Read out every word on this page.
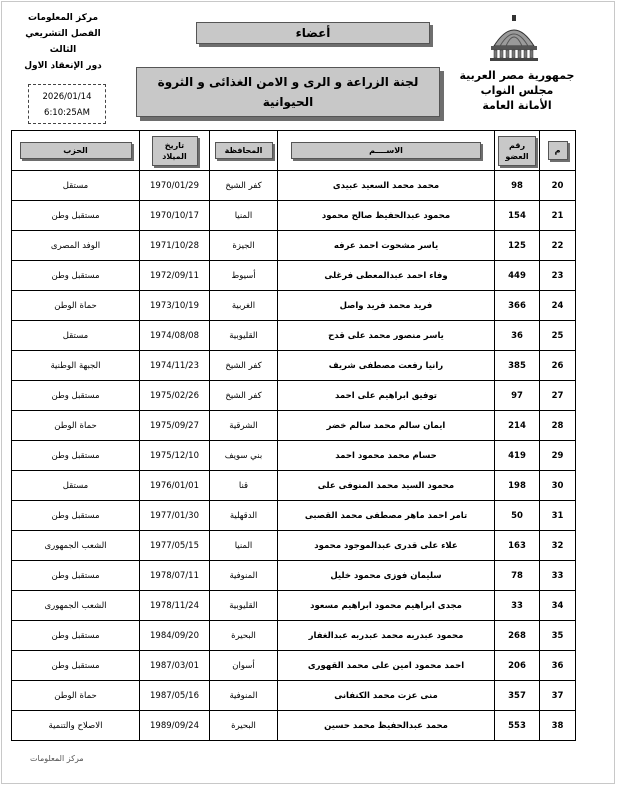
جمهورية مصر العربية
مجلس النواب
الأمانة العامة
مركز المعلومات
الفصل التشريعي الثالث
دور الإنعقاد الاول
2026/01/14
6:10:25AM
أعضاء
لجنة الزراعة و الرى و الامن الغذائى و الثروة الحيوانية
م	رقم العضو	الاســــم	المحافظة	تاريخ الميلاد	الحزب

20	98	محمد محمد السعيد عبيدى	كفر الشيخ	1970/01/29	مستقل
21	154	محمود عبدالحفيظ صالح محمود	المنيا	1970/10/17	مستقبل وطن
22	125	ياسر مشحوت احمد عرفه	الجيزة	1971/10/28	الوفد المصرى
23	449	وفاء احمد عبدالمعطى فرغلى	أسيوط	1972/09/11	مستقبل وطن
24	366	فريد محمد فريد واصل	الغربية	1973/10/19	حماة الوطن
25	36	ياسر منصور محمد على قدح	القليوبية	1974/08/08	مستقل
26	385	رانيا رفعت مصطفى شريف	كفر الشيخ	1974/11/23	الجبهة الوطنية
27	97	توفيق ابراهيم على احمد	كفر الشيخ	1975/02/26	مستقبل وطن
28	214	ايمان سالم محمد سالم خضر	الشرقية	1975/09/27	حماة الوطن
29	419	حسام محمد محمود احمد	بني سويف	1975/12/10	مستقبل وطن
30	198	محمود السيد محمد المنوفى على	قنا	1976/01/01	مستقل
31	50	تامر احمد ماهر مصطفى محمد القصبى	الدقهلية	1977/01/30	مستقبل وطن
32	163	علاء على قدرى عبدالموجود محمود	المنيا	1977/05/15	الشعب الجمهورى
33	78	سليمان فوزى محمود خليل	المنوفية	1978/07/11	مستقبل وطن
34	33	مجدى ابراهيم محمود ابراهيم مسعود	القليوبية	1978/11/24	الشعب الجمهورى
35	268	محمود عبدربه محمد عبدربه عبدالغفار	البحيرة	1984/09/20	مستقبل وطن
36	206	احمد محمود امين على محمد القهورى	أسوان	1987/03/01	مستقبل وطن
37	357	منى عزت محمد الكنفانى	المنوفية	1987/05/16	حماة الوطن
38	553	محمد عبدالحفيظ محمد حسين	البحيرة	1989/09/24	الاصلاح والتنمية
مركز المعلومات
